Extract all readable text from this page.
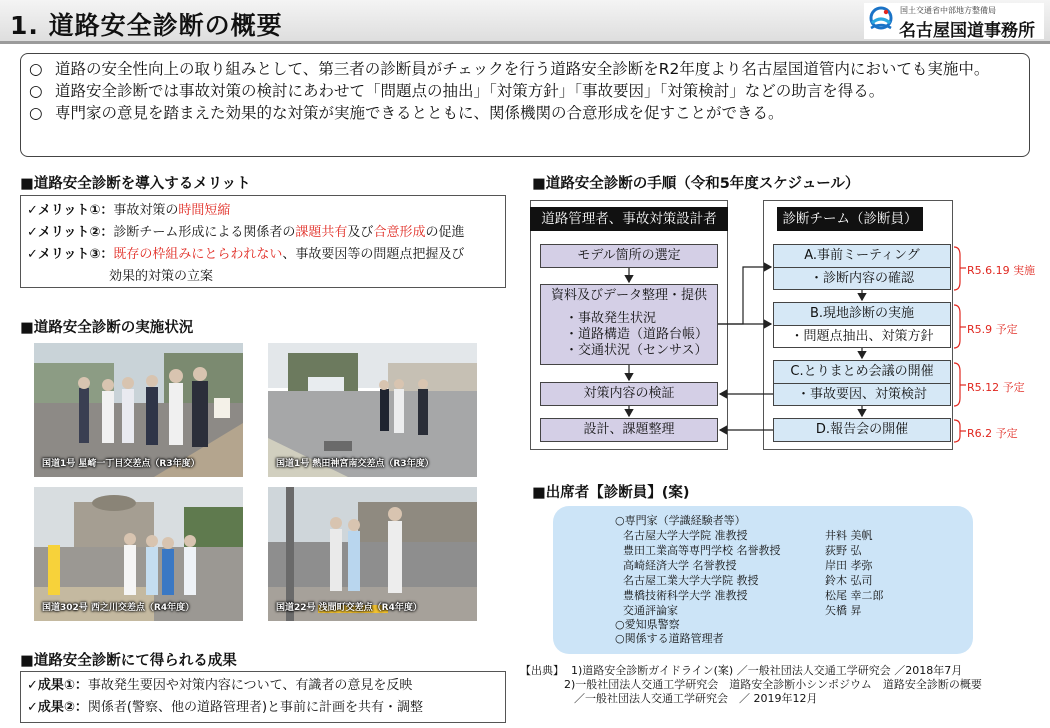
1. 道路安全診断の概要
国土交通省中部地方整備局
名古屋国道事務所
○ 道路の安全性向上の取り組みとして、第三者の診断員がチェックを行う道路安全診断をR2年度より名古屋国道管内においても実施中。
○ 道路安全診断では事故対策の検討にあわせて「問題点の抽出」「対策方針」「事故要因」「対策検討」などの助言を得る。
○ 専門家の意見を踏まえた効果的な対策が実施できるとともに、関係機関の合意形成を促すことができる。
■道路安全診断を導入するメリット
✓メリット①：事故対策の時間短縮
✓メリット②：診断チーム形成による関係者の課題共有及び合意形成の促進
✓メリット③：既存の枠組みにとらわれない、事故要因等の問題点把握及び
効果的対策の立案
■道路安全診断の実施状況
国道1号 星崎一丁目交差点（R3年度）	国道1号 熱田神宮南交差点（R3年度）
国道302号 西之川交差点（R4年度）	国道22号 浅間町交差点（R4年度）
■道路安全診断にて得られる成果
✓成果①：事故発生要因や対策内容について、有識者の意見を反映
✓成果②：関係者(警察、他の道路管理者)と事前に計画を共有・調整
■道路安全診断の手順（令和5年度スケジュール）
道路管理者、事故対策設計者
モデル箇所の選定
資料及びデータ整理・提供
・事故発生状況
・道路構造（道路台帳）
・交通状況（センサス）
対策内容の検証
設計、課題整理
診断チーム（診断員）
A.事前ミーティング
・診断内容の確認
B.現地診断の実施
・問題点抽出、対策方針
C.とりまとめ会議の開催
・事故要因、対策検討
D.報告会の開催
R5.6.19 実施
R5.9 予定
R5.12 予定
R6.2 予定
■出席者【診断員】(案)
○専門家（学識経験者等）
名古屋大学大学院 准教授	井料 美帆
豊田工業高等専門学校 名誉教授	荻野 弘
高崎経済大学 名誉教授	岸田 孝弥
名古屋工業大学大学院 教授	鈴木 弘司
豊橋技術科学大学 准教授	松尾 幸二郎
交通評論家	矢橋 昇
○愛知県警察
○関係する道路管理者
【出典】 1)道路安全診断ガイドライン(案) ／一般社団法人交通工学研究会 ／2018年7月
2)一般社団法人交通工学研究会　道路安全診断小シンポジウム　道路安全診断の概要
／一般社団法人交通工学研究会　／ 2019年12月
